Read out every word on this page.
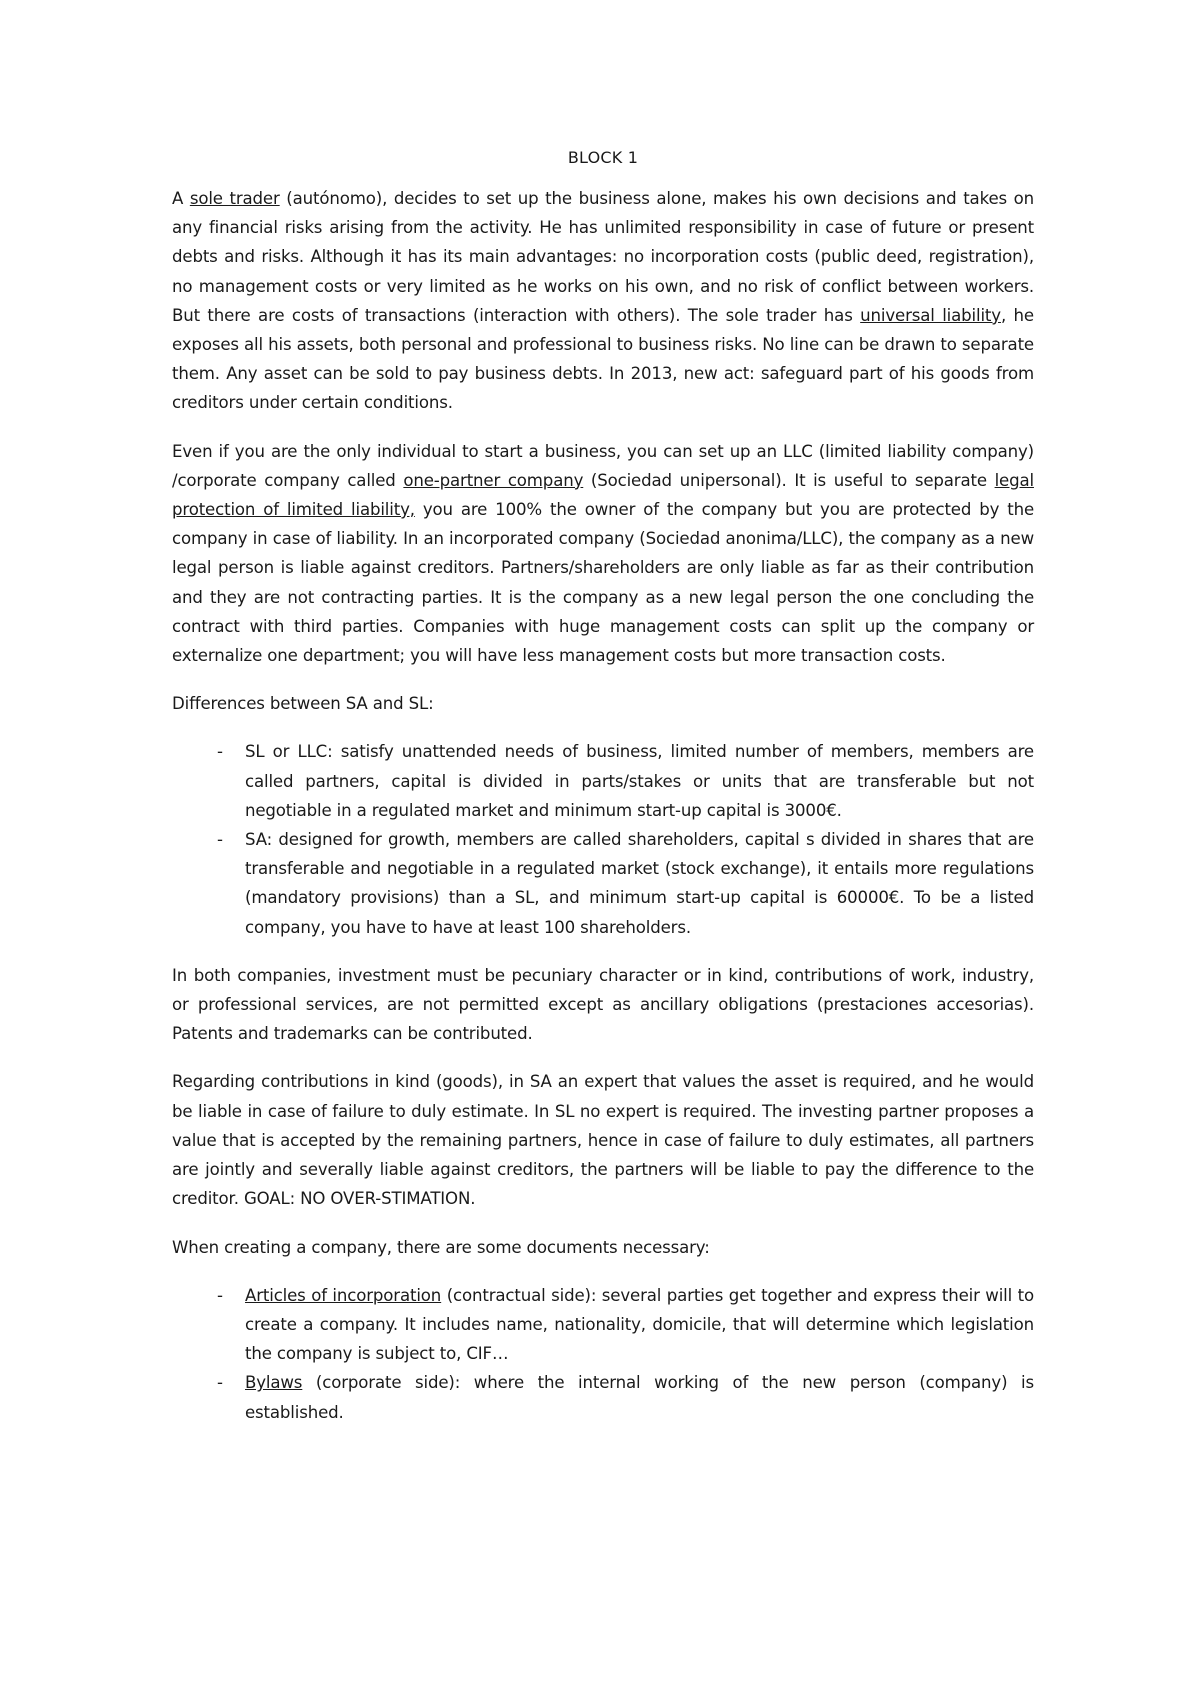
BLOCK 1

A sole trader (autónomo), decides to set up the business alone, makes his own decisions and takes on any financial risks arising from the activity. He has unlimited responsibility in case of future or present debts and risks. Although it has its main advantages: no incorporation costs (public deed, registration), no management costs or very limited as he works on his own, and no risk of conflict between workers. But there are costs of transactions (interaction with others). The sole trader has universal liability, he exposes all his assets, both personal and professional to business risks. No line can be drawn to separate them. Any asset can be sold to pay business debts. In 2013, new act: safeguard part of his goods from creditors under certain conditions.

Even if you are the only individual to start a business, you can set up an LLC (limited liability company) /corporate company called one-partner company (Sociedad unipersonal). It is useful to separate legal protection of limited liability, you are 100% the owner of the company but you are protected by the company in case of liability. In an incorporated company (Sociedad anonima/LLC), the company as a new legal person is liable against creditors. Partners/shareholders are only liable as far as their contribution and they are not contracting parties. It is the company as a new legal person the one concluding the contract with third parties. Companies with huge management costs can split up the company or externalize one department; you will have less management costs but more transaction costs.

Differences between SA and SL:

- SL or LLC: satisfy unattended needs of business, limited number of members, members are called partners, capital is divided in parts/stakes or units that are transferable but not negotiable in a regulated market and minimum start-up capital is 3000€.
- SA: designed for growth, members are called shareholders, capital s divided in shares that are transferable and negotiable in a regulated market (stock exchange), it entails more regulations (mandatory provisions) than a SL, and minimum start-up capital is 60000€. To be a listed company, you have to have at least 100 shareholders.

In both companies, investment must be pecuniary character or in kind, contributions of work, industry, or professional services, are not permitted except as ancillary obligations (prestaciones accesorias). Patents and trademarks can be contributed.

Regarding contributions in kind (goods), in SA an expert that values the asset is required, and he would be liable in case of failure to duly estimate. In SL no expert is required. The investing partner proposes a value that is accepted by the remaining partners, hence in case of failure to duly estimates, all partners are jointly and severally liable against creditors, the partners will be liable to pay the difference to the creditor. GOAL: NO OVER-STIMATION.

When creating a company, there are some documents necessary:

- Articles of incorporation (contractual side): several parties get together and express their will to create a company. It includes name, nationality, domicile, that will determine which legislation the company is subject to, CIF…
- Bylaws (corporate side): where the internal working of the new person (company) is established.
